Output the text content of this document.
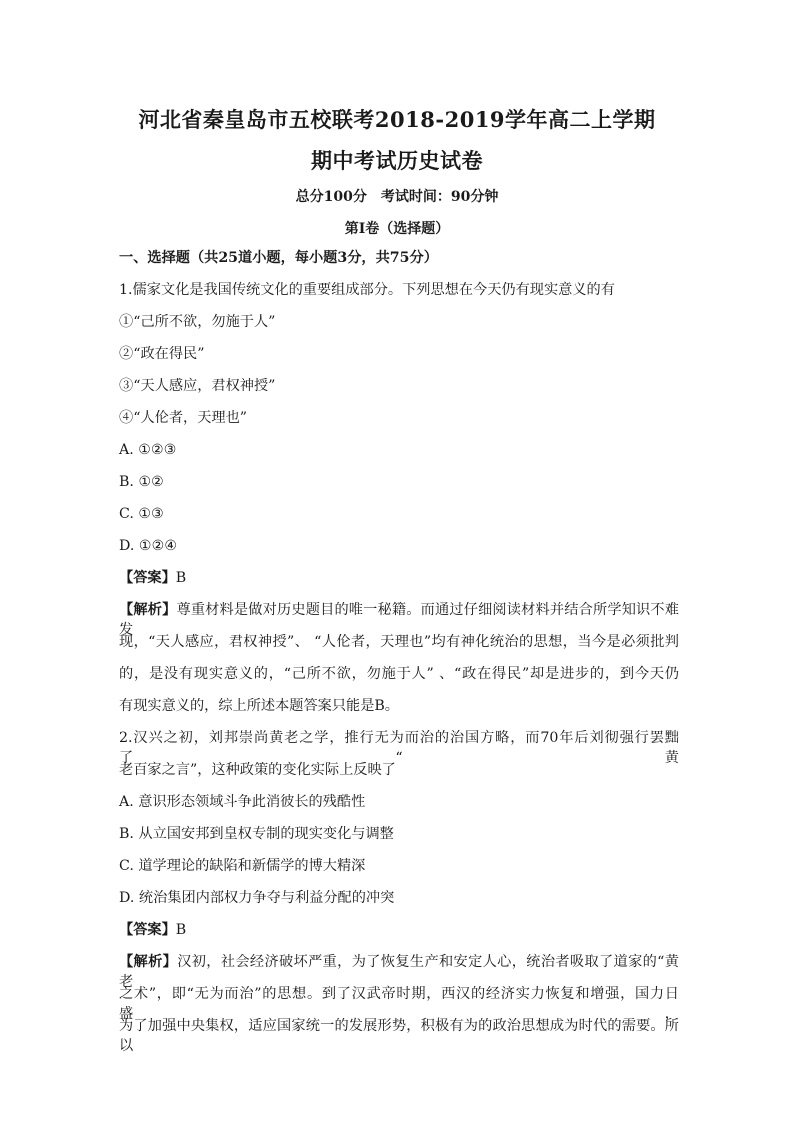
河北省秦皇岛市五校联考2018-2019学年高二上学期
期中考试历史试卷
总分100分　考试时间：90分钟
第Ⅰ卷（选择题）
一、选择题（共25道小题，每小题3分，共75分）
1.儒家文化是我国传统文化的重要组成部分。下列思想在今天仍有现实意义的有
①“己所不欲，勿施于人”
②“政在得民”
③“天人感应，君权神授”
④“人伦者，天理也”
A. ①②③
B. ①②
C. ①③
D. ①②④
【答案】B
【解析】尊重材料是做对历史题目的唯一秘籍。而通过仔细阅读材料并结合所学知识不难发
现，“天人感应，君权神授”、 “人伦者，天理也”均有神化统治的思想，当今是必须批判
的，是没有现实意义的，“己所不欲，勿施于人” 、“政在得民”却是进步的，到今天仍
有现实意义的，综上所述本题答案只能是B。
2.汉兴之初，刘邦崇尚黄老之学，推行无为而治的治国方略，而70年后刘彻强行罢黜了“黄
老百家之言”，这种政策的变化实际上反映了
A. 意识形态领域斗争此消彼长的残酷性
B. 从立国安邦到皇权专制的现实变化与调整
C. 道学理论的缺陷和新儒学的博大精深
D. 统治集团内部权力争夺与利益分配的冲突
【答案】B
【解析】汉初，社会经济破坏严重，为了恢复生产和安定人心，统治者吸取了道家的“黄老
之术”，即“无为而治”的思想。到了汉武帝时期，西汉的经济实力恢复和增强，国力日盛，
为了加强中央集权，适应国家统一的发展形势，积极有为的政治思想成为时代的需要。所以
